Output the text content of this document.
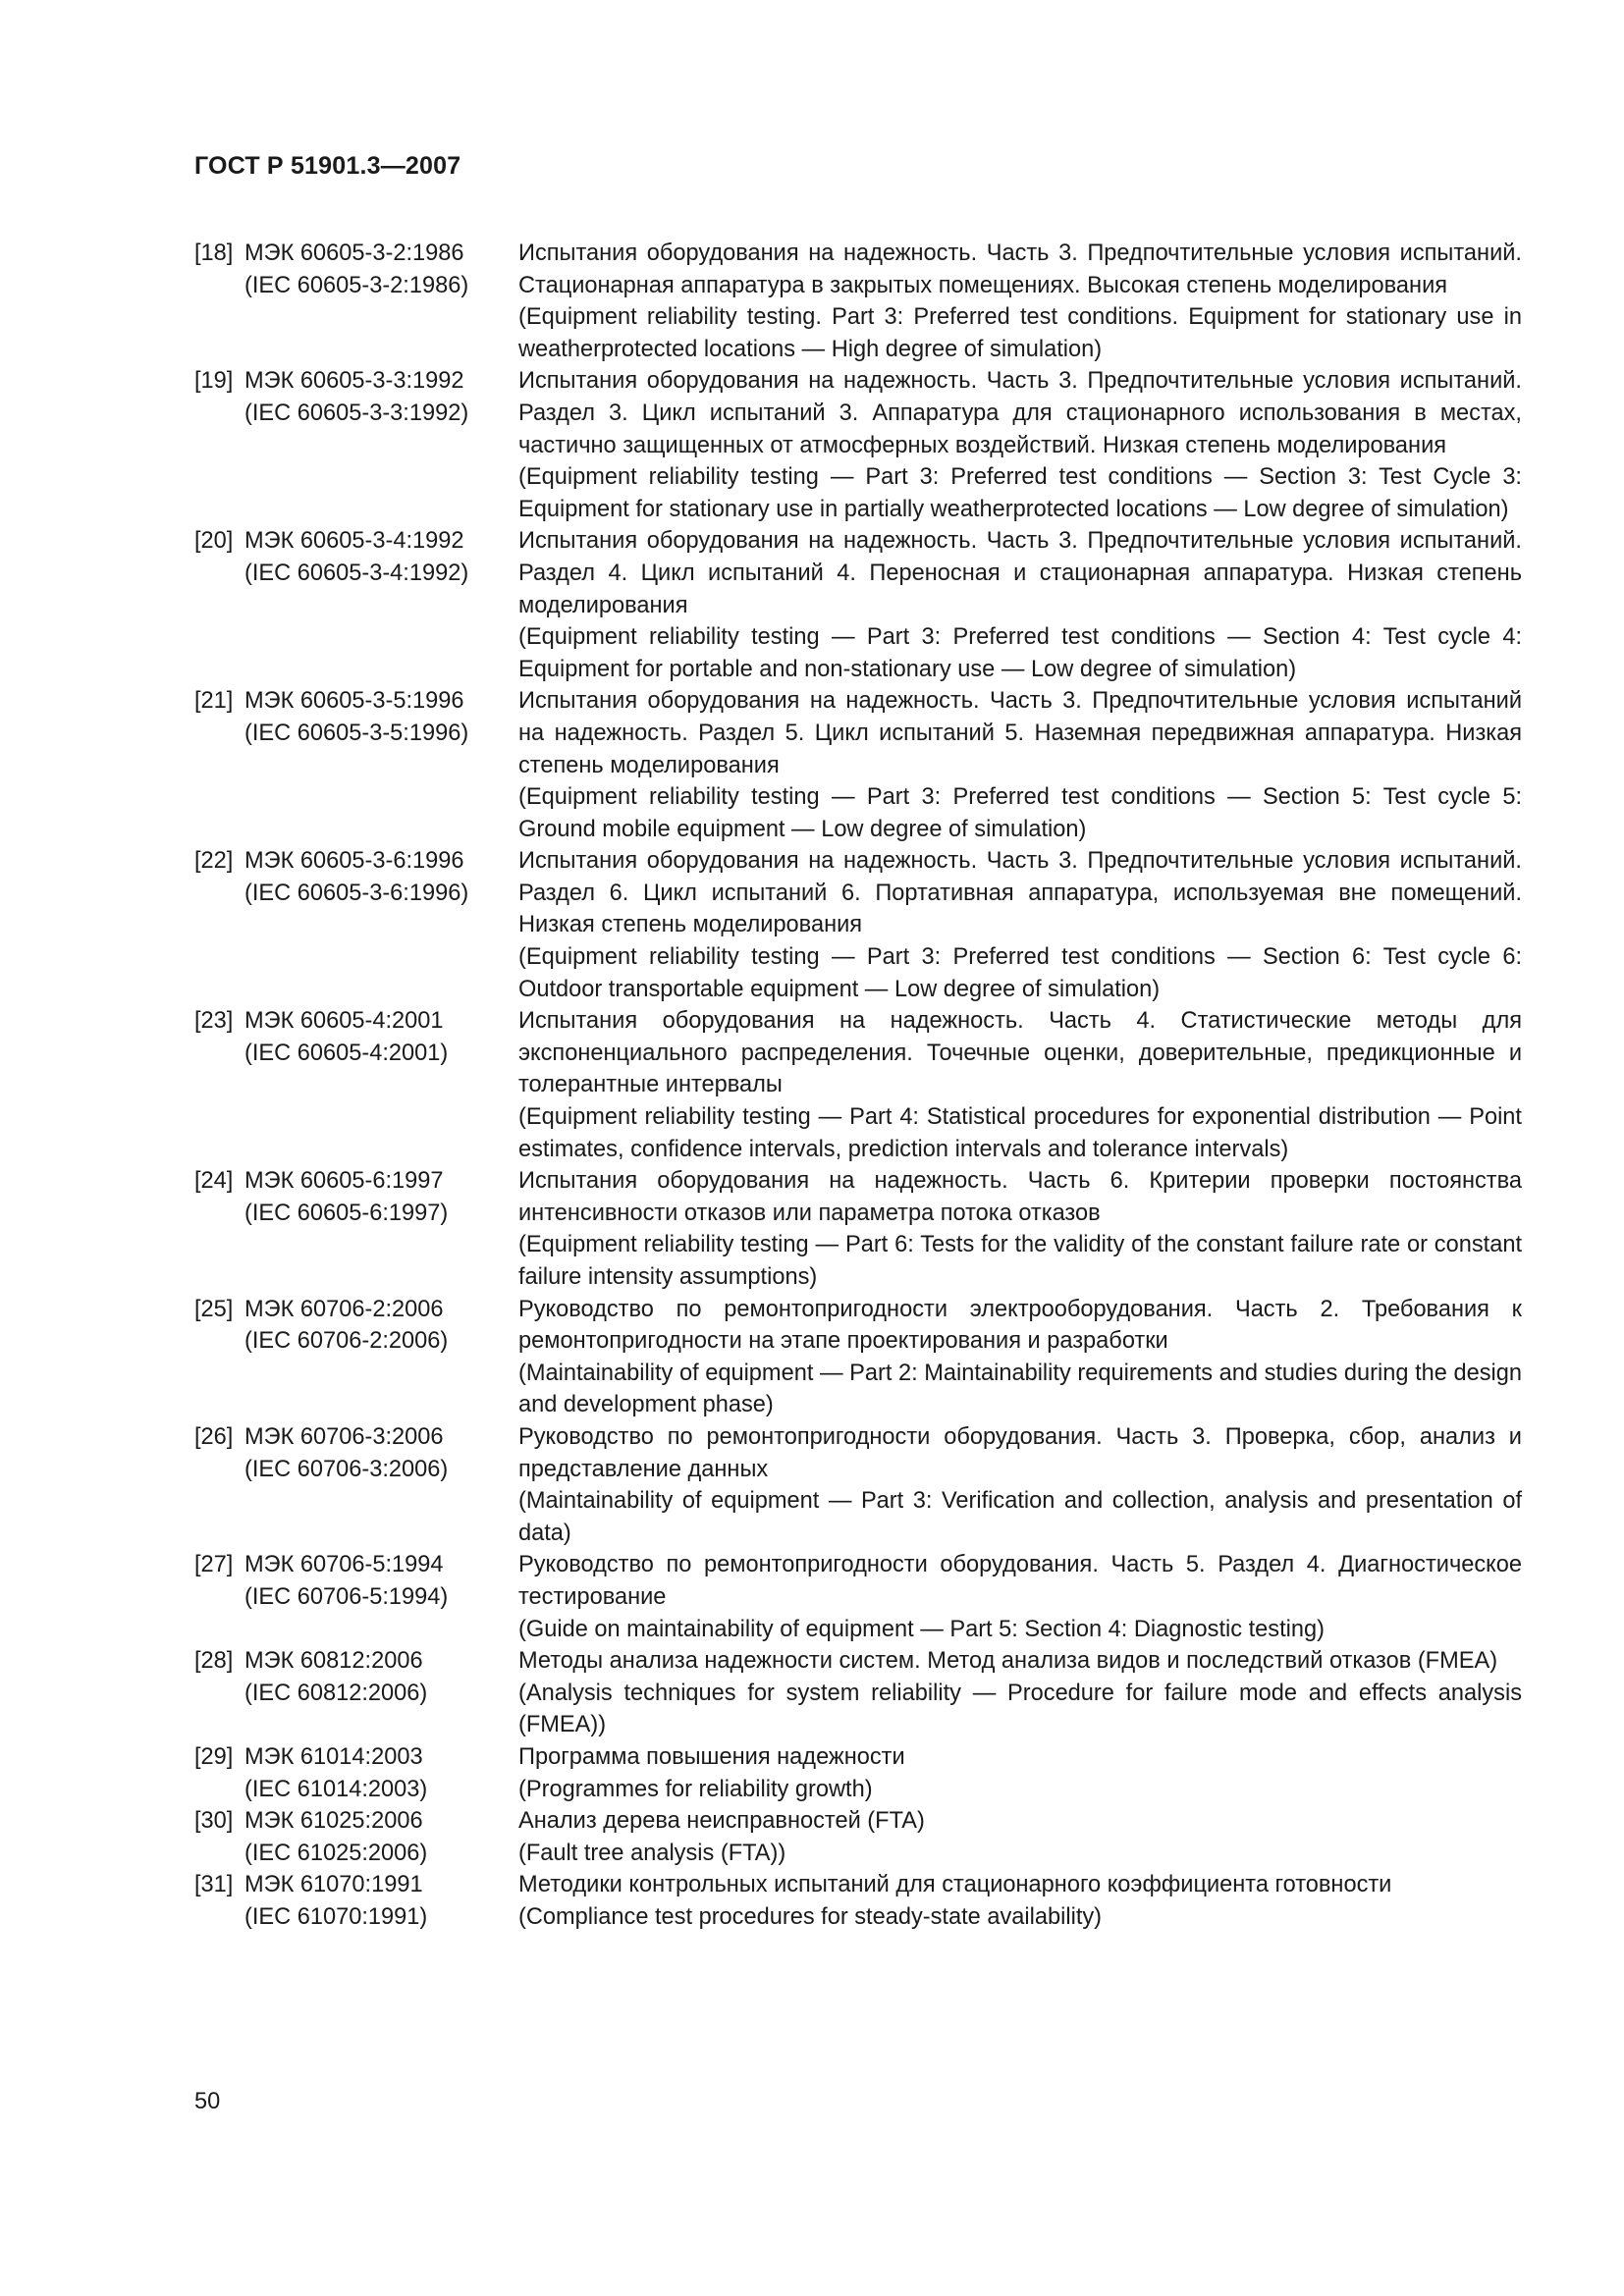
ГОСТ Р 51901.3—2007
[18] МЭК 60605-3-2:1986
(IEC 60605-3-2:1986)

Испытания оборудования на надежность. Часть 3. Предпочтительные условия испытаний. Стационарная аппаратура в закрытых помещениях. Высокая степень моделирования

(Equipment reliability testing. Part 3: Preferred test conditions. Equipment for stationary use in weatherprotected locations — High degree of simulation)

[19] МЭК 60605-3-3:1992
(IEC 60605-3-3:1992)

Испытания оборудования на надежность. Часть 3. Предпочтительные условия испытаний. Раздел 3. Цикл испытаний 3. Аппаратура для стационарного использования в местах, частично защищенных от атмосферных воздействий. Низкая степень моделирования

(Equipment reliability testing — Part 3: Preferred test conditions — Section 3: Test Cycle 3: Equipment for stationary use in partially weatherprotected locations — Low degree of simulation)

[20] МЭК 60605-3-4:1992
(IEC 60605-3-4:1992)

Испытания оборудования на надежность. Часть 3. Предпочтительные условия испытаний. Раздел 4. Цикл испытаний 4. Переносная и стационарная аппаратура. Низкая степень моделирования

(Equipment reliability testing — Part 3: Preferred test conditions — Section 4: Test cycle 4: Equipment for portable and non-stationary use — Low degree of simulation)

[21] МЭК 60605-3-5:1996
(IEC 60605-3-5:1996)

Испытания оборудования на надежность. Часть 3. Предпочтительные условия испытаний на надежность. Раздел 5. Цикл испытаний 5. Наземная передвижная аппаратура. Низкая степень моделирования

(Equipment reliability testing — Part 3: Preferred test conditions — Section 5: Test cycle 5: Ground mobile equipment — Low degree of simulation)

[22] МЭК 60605-3-6:1996
(IEC 60605-3-6:1996)

Испытания оборудования на надежность. Часть 3. Предпочтительные условия испытаний. Раздел 6. Цикл испытаний 6. Портативная аппаратура, используемая вне помещений. Низкая степень моделирования

(Equipment reliability testing — Part 3: Preferred test conditions — Section 6: Test cycle 6: Outdoor transportable equipment — Low degree of simulation)

[23] МЭК 60605-4:2001
(IEC 60605-4:2001)

Испытания оборудования на надежность. Часть 4. Статистические методы для экспоненциального распределения. Точечные оценки, доверительные, предикционные и толерантные интервалы

(Equipment reliability testing — Part 4: Statistical procedures for exponential distribution — Point estimates, confidence intervals, prediction intervals and tolerance intervals)

[24] МЭК 60605-6:1997
(IEC 60605-6:1997)

Испытания оборудования на надежность. Часть 6. Критерии проверки постоянства интенсивности отказов или параметра потока отказов

(Equipment reliability testing — Part 6: Tests for the validity of the constant failure rate or constant failure intensity assumptions)

[25] МЭК 60706-2:2006
(IEC 60706-2:2006)

Руководство по ремонтопригодности электрооборудования. Часть 2. Требования к ремонтопригодности на этапе проектирования и разработки

(Maintainability of equipment — Part 2: Maintainability requirements and studies during the design and development phase)

[26] МЭК 60706-3:2006
(IEC 60706-3:2006)

Руководство по ремонтопригодности оборудования. Часть 3. Проверка, сбор, анализ и представление данных

(Maintainability of equipment — Part 3: Verification and collection, analysis and presentation of data)

[27] МЭК 60706-5:1994
(IEC 60706-5:1994)

Руководство по ремонтопригодности оборудования. Часть 5. Раздел 4. Диагностическое тестирование

(Guide on maintainability of equipment — Part 5: Section 4: Diagnostic testing)

[28] МЭК 60812:2006
(IEC 60812:2006)

Методы анализа надежности систем. Метод анализа видов и последствий отказов (FMEA)

(Analysis techniques for system reliability — Procedure for failure mode and effects analysis (FMEA))

[29] МЭК 61014:2003
(IEC 61014:2003)

Программа повышения надежности

(Programmes for reliability growth)

[30] МЭК 61025:2006
(IEC 61025:2006)

Анализ дерева неисправностей (FTA)

(Fault tree analysis (FTA))

[31] МЭК 61070:1991
(IEC 61070:1991)

Методики контрольных испытаний для стационарного коэффициента готовности

(Compliance test procedures for steady-state availability)

50
